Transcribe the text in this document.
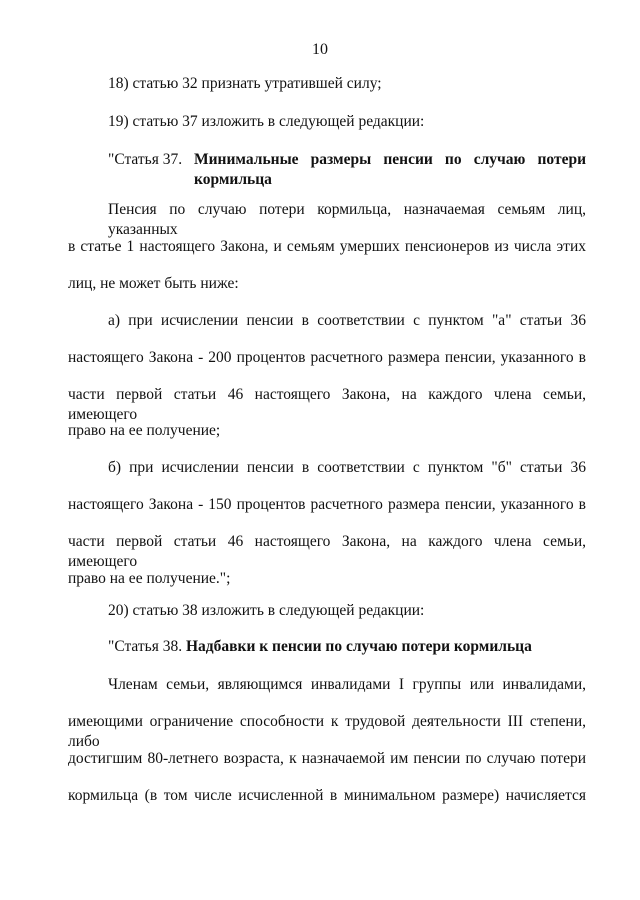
10
18) статью 32 признать утратившей силу;
19) статью 37 изложить в следующей редакции:
"Статья 37. Минимальные размеры пенсии по случаю потери
кормильца
Пенсия по случаю потери кормильца, назначаемая семьям лиц, указанных
в статье 1 настоящего Закона, и семьям умерших пенсионеров из числа этих
лиц, не может быть ниже:
а) при исчислении пенсии в соответствии с пунктом "а" статьи 36
настоящего Закона - 200 процентов расчетного размера пенсии, указанного в
части первой статьи 46 настоящего Закона, на каждого члена семьи, имеющего
право на ее получение;
б) при исчислении пенсии в соответствии с пунктом "б" статьи 36
настоящего Закона - 150 процентов расчетного размера пенсии, указанного в
части первой статьи 46 настоящего Закона, на каждого члена семьи, имеющего
право на ее получение.";
20) статью 38 изложить в следующей редакции:
"Статья 38. Надбавки к пенсии по случаю потери кормильца
Членам семьи, являющимся инвалидами I группы или инвалидами,
имеющими ограничение способности к трудовой деятельности III степени, либо
достигшим 80-летнего возраста, к назначаемой им пенсии по случаю потери
кормильца (в том числе исчисленной в минимальном размере) начисляется
